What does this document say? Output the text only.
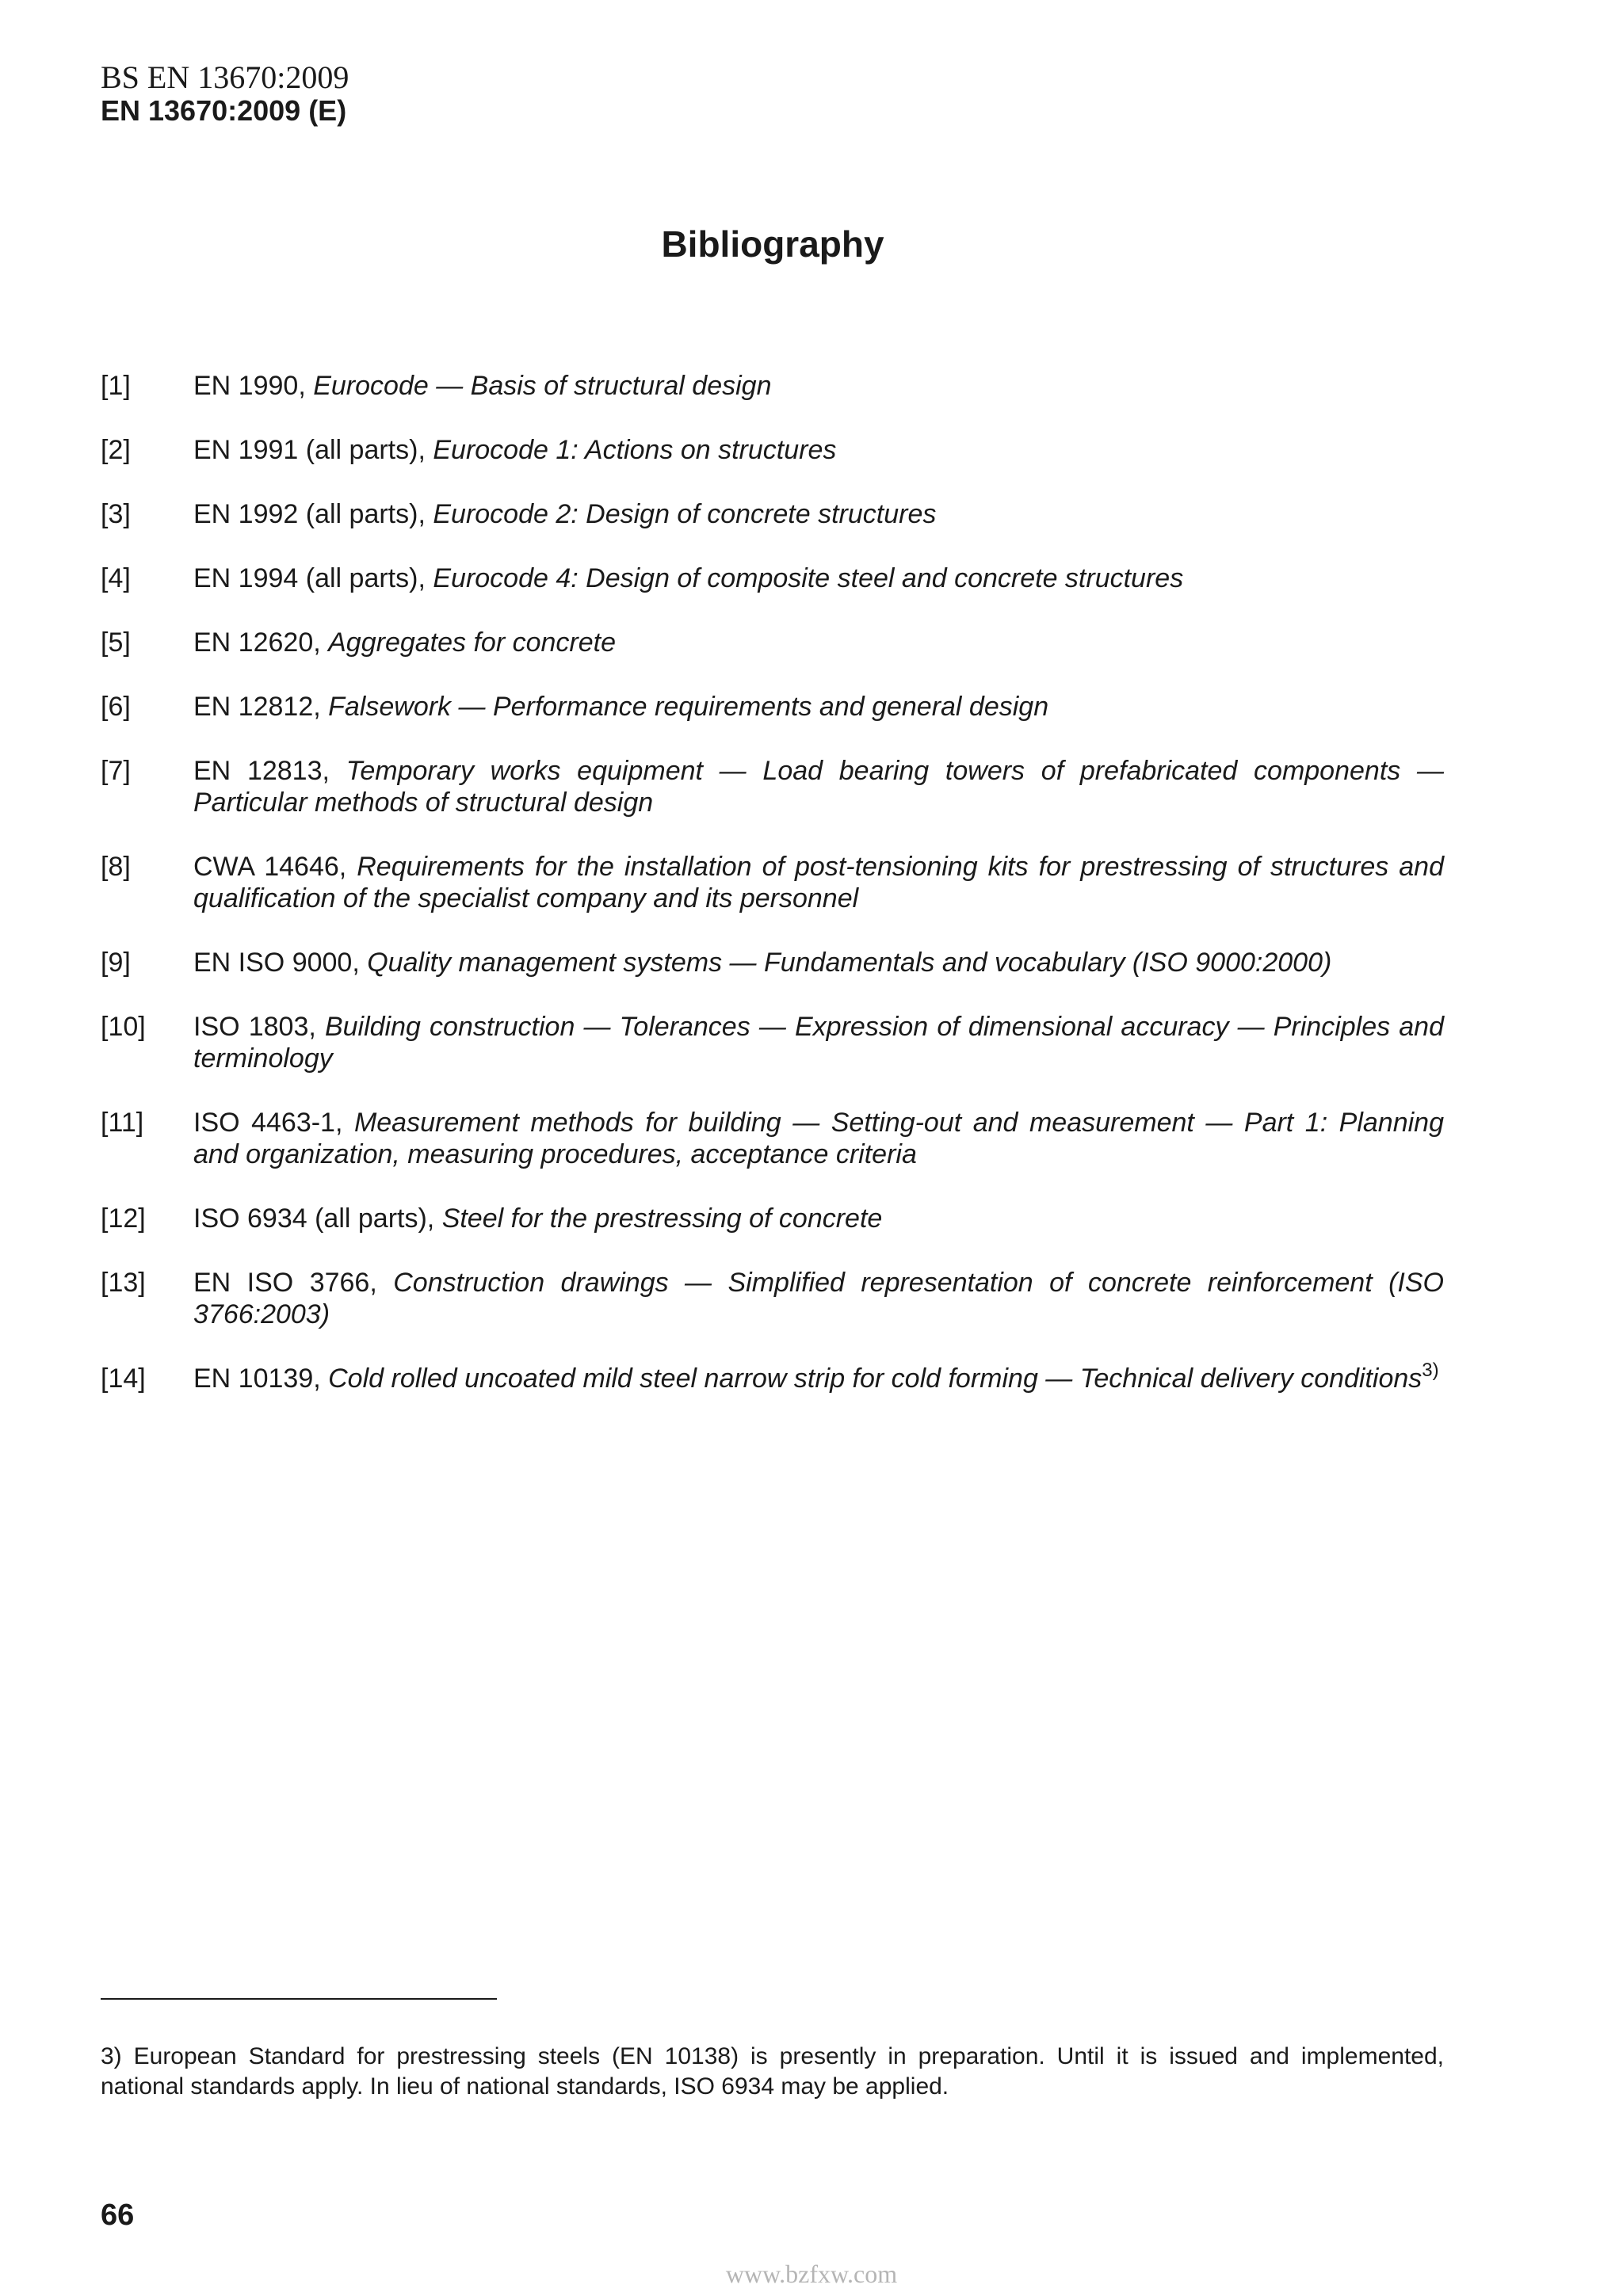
BS EN 13670:2009

EN 13670:2009 (E)

Bibliography
[1]	EN 1990, Eurocode — Basis of structural design
[2]	EN 1991 (all parts), Eurocode 1: Actions on structures
[3]	EN 1992 (all parts), Eurocode 2: Design of concrete structures
[4]	EN 1994 (all parts), Eurocode 4: Design of composite steel and concrete structures
[5]	EN 12620, Aggregates for concrete
[6]	EN 12812, Falsework — Performance requirements and general design
[7]	EN 12813, Temporary works equipment — Load bearing towers of prefabricated components — Particular methods of structural design
[8]	CWA 14646, Requirements for the installation of post-tensioning kits for prestressing of structures and qualification of the specialist company and its personnel
[9]	EN ISO 9000, Quality management systems — Fundamentals and vocabulary (ISO 9000:2000)
[10]	ISO 1803, Building construction — Tolerances — Expression of dimensional accuracy — Principles and terminology
[11]	ISO 4463-1, Measurement methods for building — Setting-out and measurement — Part 1: Planning and organization, measuring procedures, acceptance criteria
[12]	ISO 6934 (all parts), Steel for the prestressing of concrete
[13]	EN ISO 3766, Construction drawings — Simplified representation of concrete reinforcement (ISO 3766:2003)
[14]	EN 10139, Cold rolled uncoated mild steel narrow strip for cold forming — Technical delivery conditions$^{3)}$

3) European Standard for prestressing steels (EN 10138) is presently in preparation. Until it is issued and implemented, national standards apply. In lieu of national standards, ISO 6934 may be applied.

66

www.bzfxw.com
